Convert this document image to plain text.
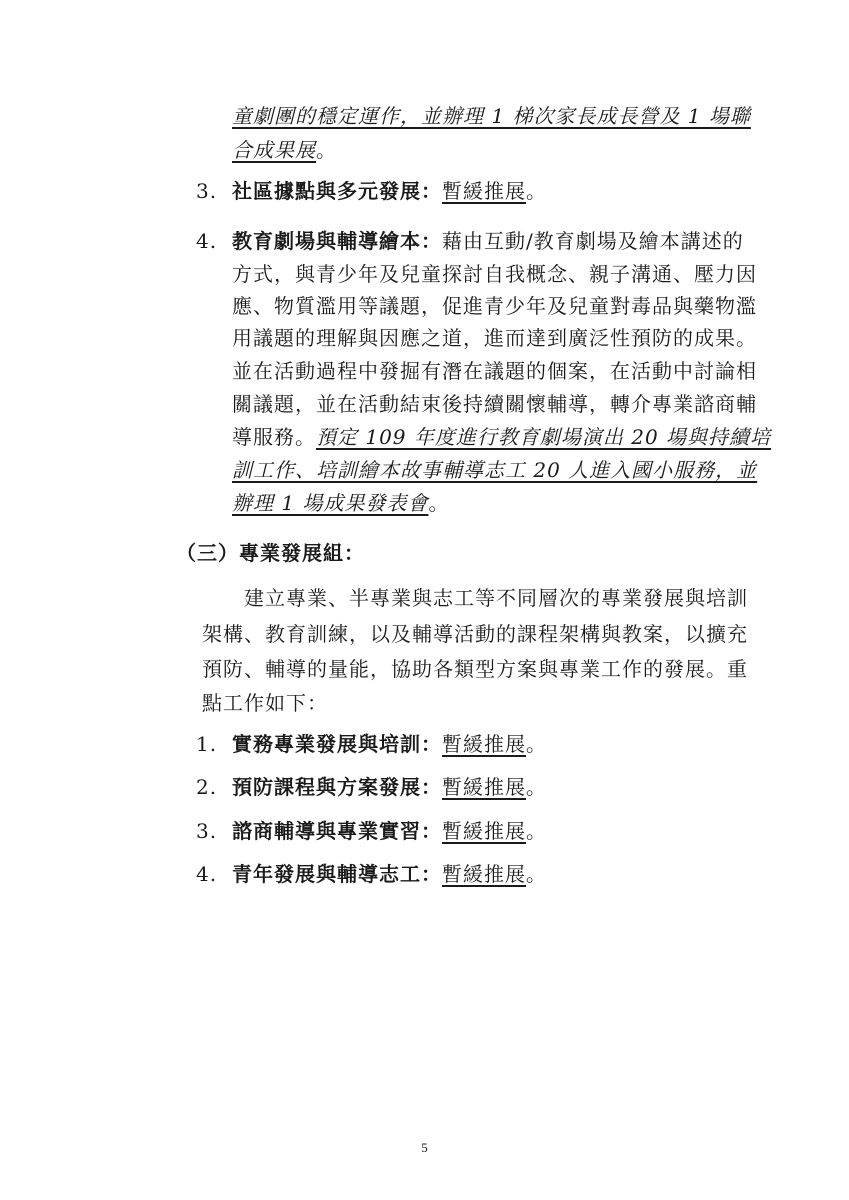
童劇團的穩定運作，並辦理 1 梯次家長成長營及 1 場聯
合成果展。
3. 社區據點與多元發展：暫緩推展。
4. 教育劇場與輔導繪本：藉由互動/教育劇場及繪本講述的
方式，與青少年及兒童探討自我概念、親子溝通、壓力因
應、物質濫用等議題，促進青少年及兒童對毒品與藥物濫
用議題的理解與因應之道，進而達到廣泛性預防的成果。
並在活動過程中發掘有潛在議題的個案，在活動中討論相
關議題，並在活動結束後持續關懷輔導，轉介專業諮商輔
導服務。預定 109 年度進行教育劇場演出 20 場與持續培
訓工作、培訓繪本故事輔導志工 20 人進入國小服務，並
辦理 1 場成果發表會。
（三）專業發展組：
建立專業、半專業與志工等不同層次的專業發展與培訓
架構、教育訓練，以及輔導活動的課程架構與教案，以擴充
預防、輔導的量能，協助各類型方案與專業工作的發展。重
點工作如下：
1. 實務專業發展與培訓：暫緩推展。
2. 預防課程與方案發展：暫緩推展。
3. 諮商輔導與專業實習：暫緩推展。
4. 青年發展與輔導志工：暫緩推展。
5
